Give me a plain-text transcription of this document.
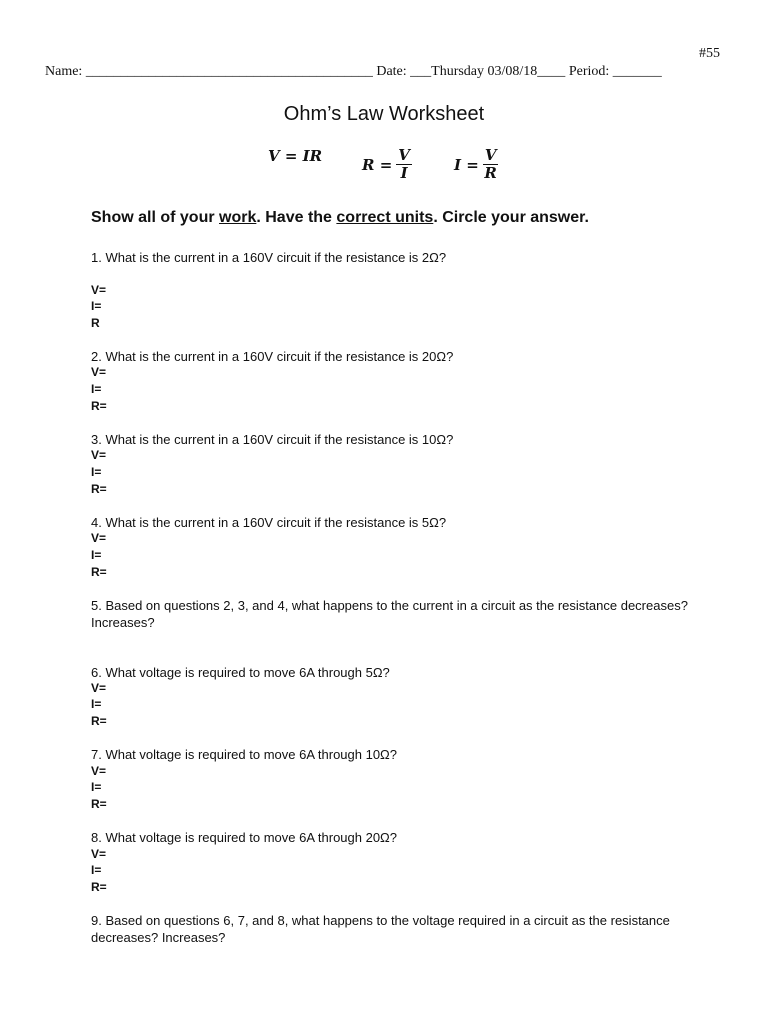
#55
Name: _________________________________________ Date: ___Thursday 03/08/18____ Period: _______
Ohm’s Law Worksheet
V = IR	$R = \frac{V}{I}$	$I = \frac{V}{R}$
Show all of your work. Have the correct units. Circle your answer.
1. What is the current in a 160V circuit if the resistance is 2Ω?
V=
I=
R
2. What is the current in a 160V circuit if the resistance is 20Ω?
V=
I=
R=
3. What is the current in a 160V circuit if the resistance is 10Ω?
V=
I=
R=
4. What is the current in a 160V circuit if the resistance is 5Ω?
V=
I=
R=
5. Based on questions 2, 3, and 4, what happens to the current in a circuit as the resistance decreases? Increases?
6. What voltage is required to move 6A through 5Ω?
V=
I=
R=
7. What voltage is required to move 6A through 10Ω?
V=
I=
R=
8. What voltage is required to move 6A through 20Ω?
V=
I=
R=
9. Based on questions 6, 7, and 8, what happens to the voltage required in a circuit as the resistance decreases? Increases?
